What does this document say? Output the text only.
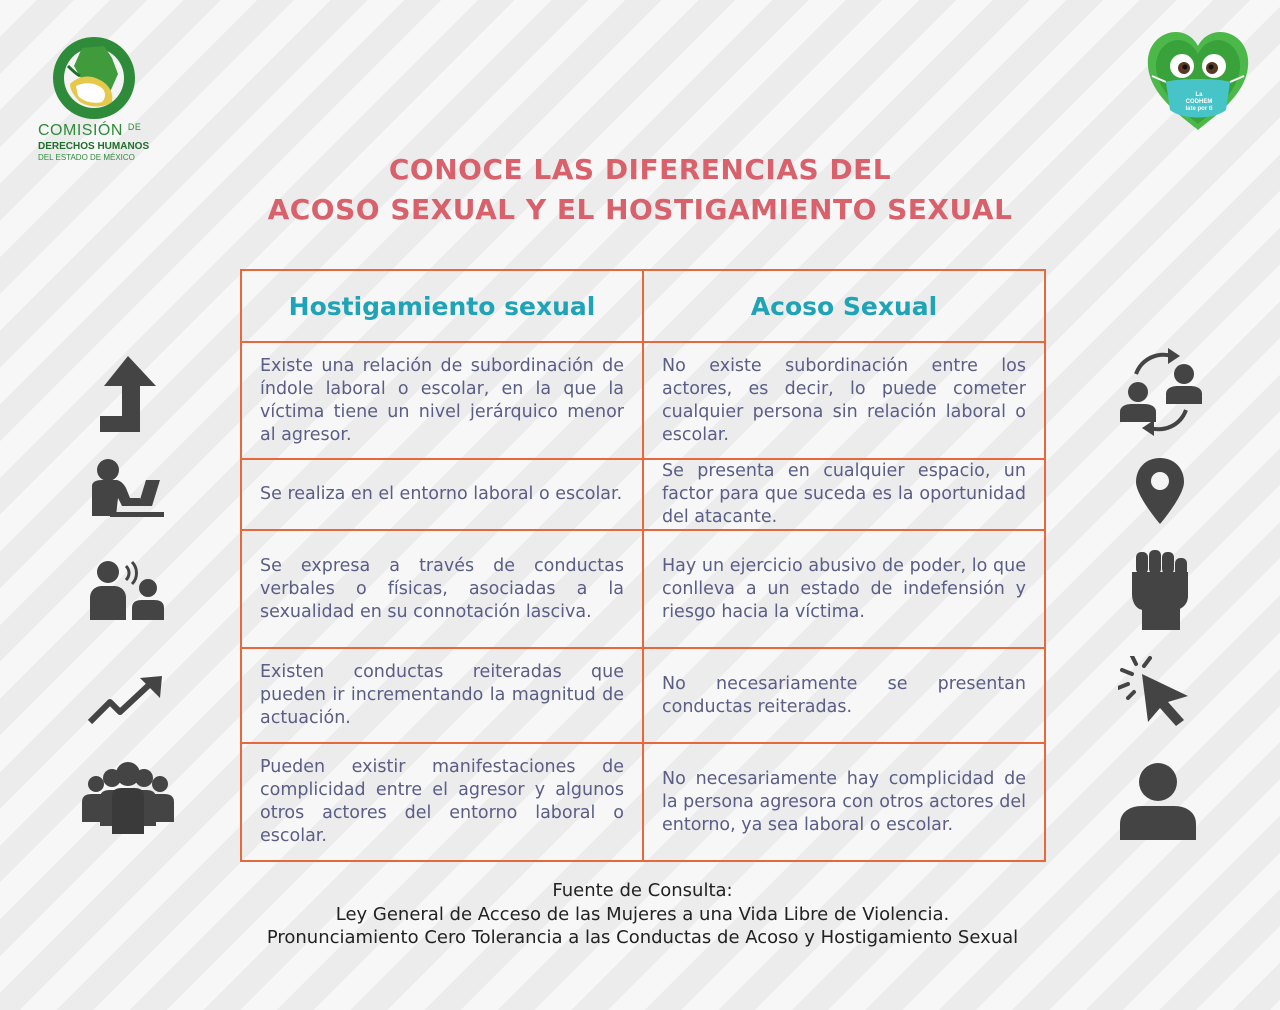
COMISIÓN $^{DE}$
DERECHOS HUMANOS
DEL ESTADO DE MÉXICO
La
CODHEM
late por ti
CONOCE LAS DIFERENCIAS DEL
ACOSO SEXUAL Y EL HOSTIGAMIENTO SEXUAL
Hostigamiento sexual	Acoso Sexual
Existe una relación de subordinación de índole laboral o escolar, en la que la víctima tiene un nivel jerárquico menor al agresor.	No existe subordinación entre los actores, es decir, lo puede cometer cualquier persona sin relación laboral o escolar.
Se realiza en el entorno laboral o escolar.	Se presenta en cualquier espacio, un factor para que suceda es la oportunidad del atacante.
Se expresa a través de conductas verbales o físicas, asociadas a la sexualidad en su connotación lasciva.	Hay un ejercicio abusivo de poder, lo que conlleva a un estado de indefensión y riesgo hacia la víctima.
Existen conductas reiteradas que pueden ir incrementando la magnitud de actuación.	No necesariamente se presentan conductas reiteradas.
Pueden existir manifestaciones de complicidad entre el agresor y algunos otros actores del entorno laboral o escolar.	No necesariamente hay complicidad de la persona agresora con otros actores del entorno, ya sea laboral o escolar.
Fuente de Consulta:
Ley General de Acceso de las Mujeres a una Vida Libre de Violencia.
Pronunciamiento Cero Tolerancia a las Conductas de Acoso y Hostigamiento Sexual
